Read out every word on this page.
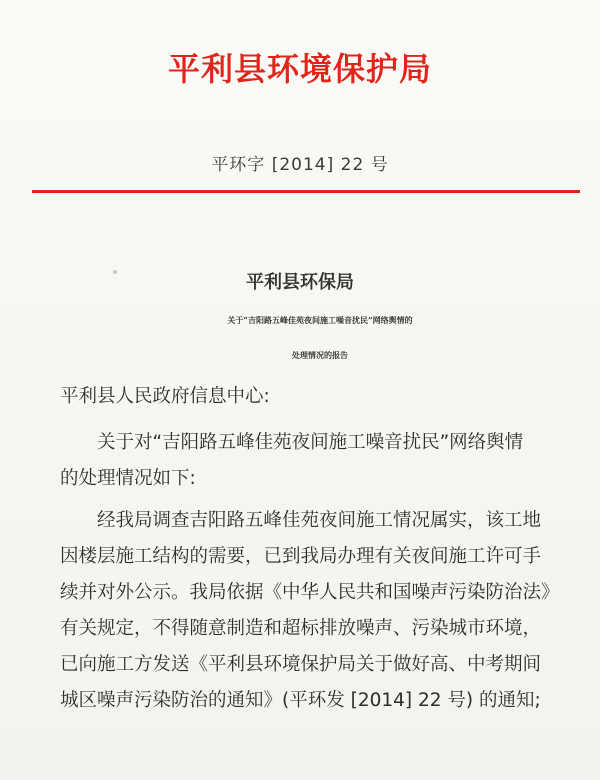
平利县环境保护局
平环字 [2014] 22 号
平利县环保局
关于“吉阳路五峰佳苑夜间施工噪音扰民”网络舆情的
处理情况的报告
平利县人民政府信息中心:
关于对“吉阳路五峰佳苑夜间施工噪音扰民”网络舆情
的处理情况如下:
经我局调查吉阳路五峰佳苑夜间施工情况属实，该工地
因楼层施工结构的需要，已到我局办理有关夜间施工许可手
续并对外公示。我局依据《中华人民共和国噪声污染防治法》
有关规定，不得随意制造和超标排放噪声、污染城市环境，
已向施工方发送《平利县环境保护局关于做好高、中考期间
城区噪声污染防治的通知》(平环发 [2014] 22 号) 的通知;
